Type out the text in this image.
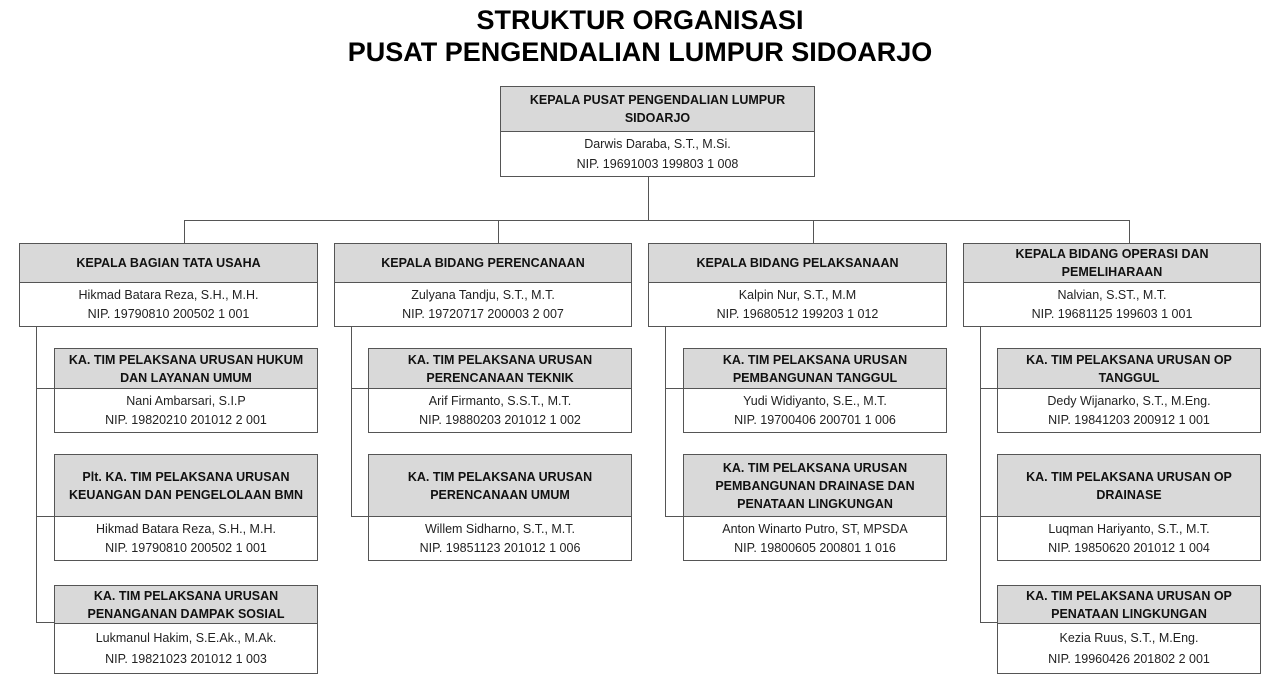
STRUKTUR ORGANISASI
PUSAT PENGENDALIAN LUMPUR SIDOARJO
KEPALA PUSAT PENGENDALIAN LUMPUR SIDOARJO
Darwis Daraba, S.T., M.Si.
NIP. 19691003 199803 1 008
KEPALA BAGIAN TATA USAHA
Hikmad Batara Reza, S.H., M.H.
NIP. 19790810 200502 1 001
KEPALA BIDANG PERENCANAAN
Zulyana Tandju, S.T., M.T.
NIP. 19720717 200003 2 007
KEPALA BIDANG PELAKSANAAN
Kalpin Nur, S.T., M.M
NIP. 19680512 199203 1 012
KEPALA BIDANG OPERASI DAN PEMELIHARAAN
Nalvian, S.ST., M.T.
NIP. 19681125 199603 1 001
KA. TIM PELAKSANA URUSAN HUKUM DAN LAYANAN UMUM
Nani Ambarsari, S.I.P
NIP. 19820210 201012 2 001
Plt. KA. TIM PELAKSANA URUSAN KEUANGAN DAN PENGELOLAAN BMN
Hikmad Batara Reza, S.H., M.H.
NIP. 19790810 200502 1 001
KA. TIM PELAKSANA URUSAN PENANGANAN DAMPAK SOSIAL
Lukmanul Hakim, S.E.Ak., M.Ak.
NIP. 19821023 201012 1 003
KA. TIM PELAKSANA URUSAN PERENCANAAN TEKNIK
Arif Firmanto, S.S.T., M.T.
NIP. 19880203 201012 1 002
KA. TIM PELAKSANA URUSAN PERENCANAAN UMUM
Willem Sidharno, S.T., M.T.
NIP. 19851123 201012 1 006
KA. TIM PELAKSANA URUSAN PEMBANGUNAN TANGGUL
Yudi Widiyanto, S.E., M.T.
NIP. 19700406 200701 1 006
KA. TIM PELAKSANA URUSAN PEMBANGUNAN DRAINASE DAN PENATAAN LINGKUNGAN
Anton Winarto Putro, ST, MPSDA
NIP. 19800605 200801 1 016
KA. TIM PELAKSANA URUSAN OP TANGGUL
Dedy Wijanarko, S.T., M.Eng.
NIP. 19841203 200912 1 001
KA. TIM PELAKSANA URUSAN OP DRAINASE
Luqman Hariyanto, S.T., M.T.
NIP. 19850620 201012 1 004
KA. TIM PELAKSANA URUSAN OP PENATAAN LINGKUNGAN
Kezia Ruus, S.T., M.Eng.
NIP. 19960426 201802 2 001
